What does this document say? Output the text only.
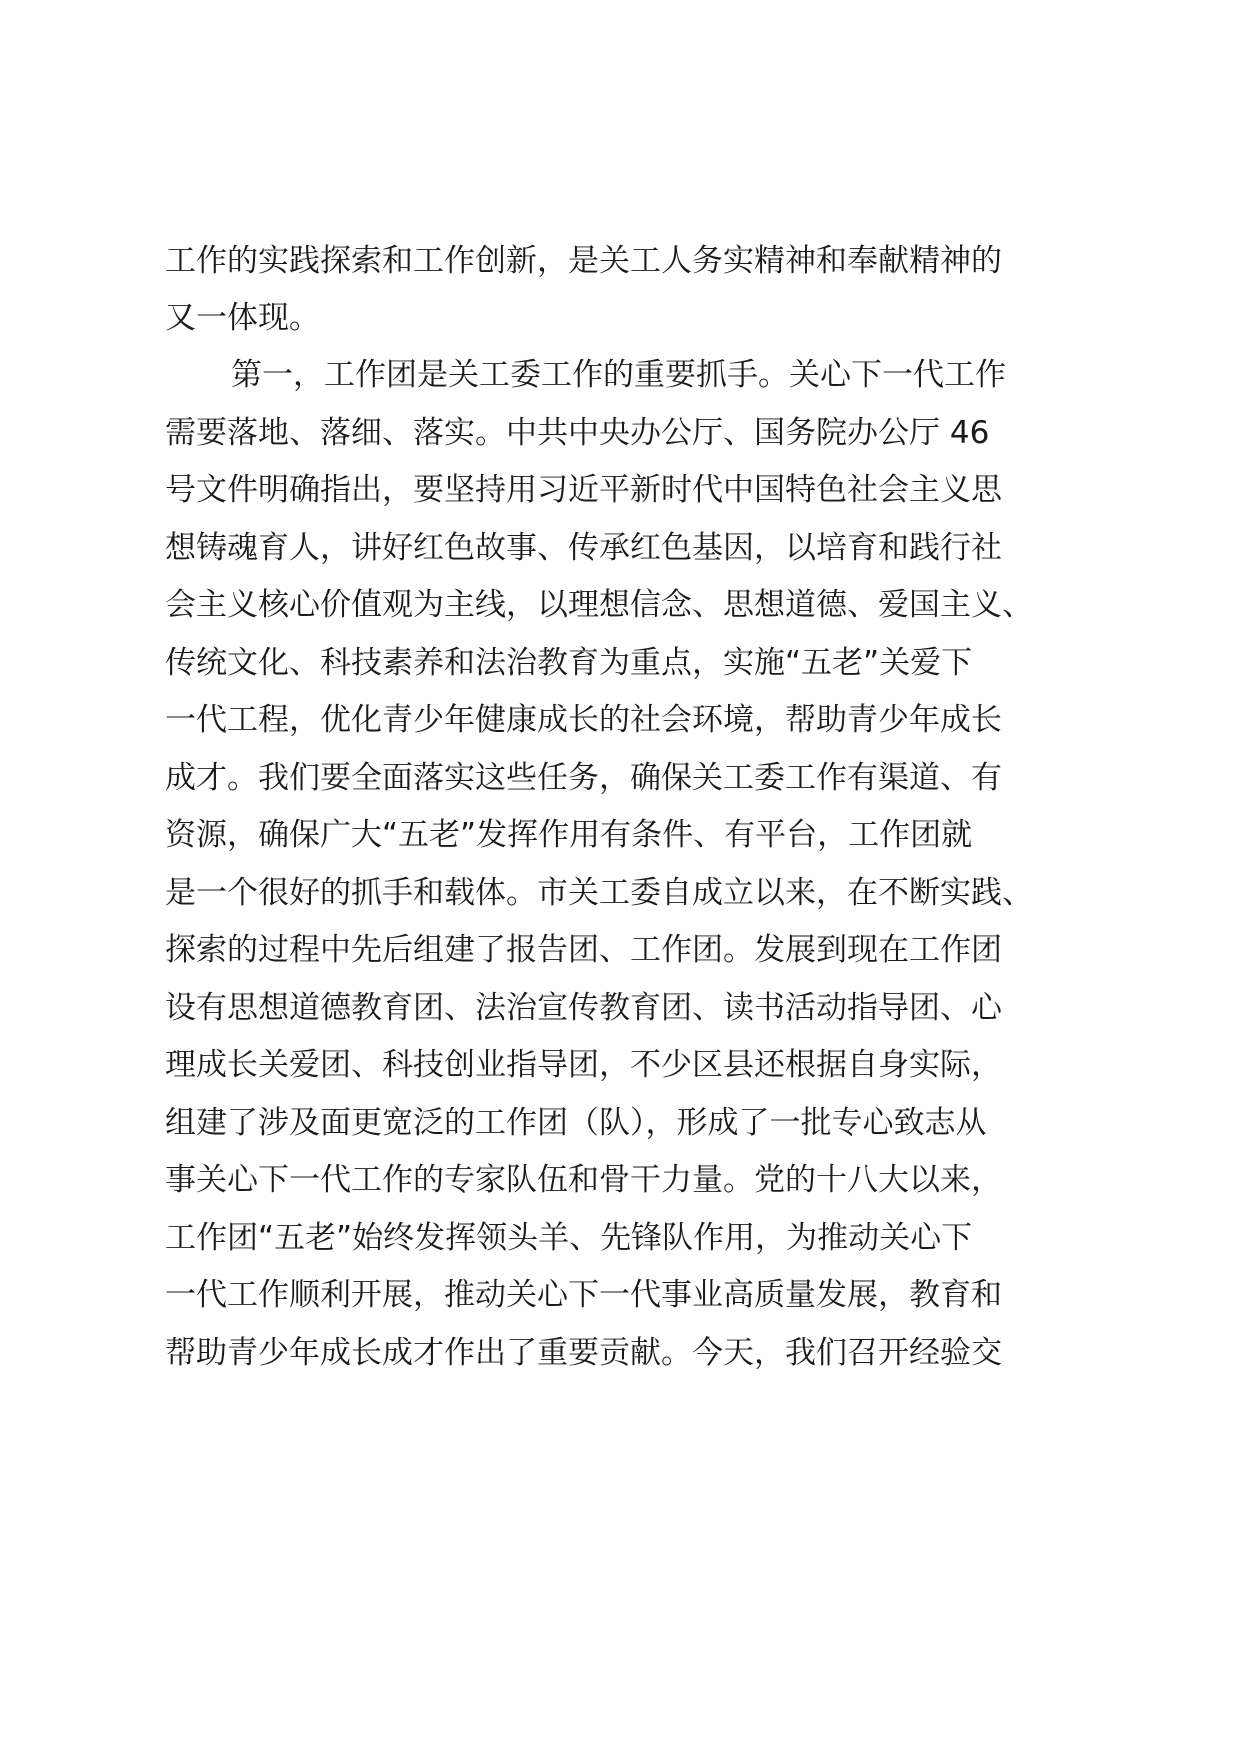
工作的实践探索和工作创新，是关工人务实精神和奉献精神的
又一体现。
第一，工作团是关工委工作的重要抓手。关心下一代工作
需要落地、落细、落实。中共中央办公厅、国务院办公厅 46
号文件明确指出，要坚持用习近平新时代中国特色社会主义思
想铸魂育人，讲好红色故事、传承红色基因，以培育和践行社
会主义核心价值观为主线，以理想信念、思想道德、爱国主义、
传统文化、科技素养和法治教育为重点，实施“五老”关爱下
一代工程，优化青少年健康成长的社会环境，帮助青少年成长
成才。我们要全面落实这些任务，确保关工委工作有渠道、有
资源，确保广大“五老”发挥作用有条件、有平台，工作团就
是一个很好的抓手和载体。市关工委自成立以来，在不断实践、
探索的过程中先后组建了报告团、工作团。发展到现在工作团
设有思想道德教育团、法治宣传教育团、读书活动指导团、心
理成长关爱团、科技创业指导团，不少区县还根据自身实际，
组建了涉及面更宽泛的工作团（队），形成了一批专心致志从
事关心下一代工作的专家队伍和骨干力量。党的十八大以来，
工作团“五老”始终发挥领头羊、先锋队作用，为推动关心下
一代工作顺利开展，推动关心下一代事业高质量发展，教育和
帮助青少年成长成才作出了重要贡献。今天，我们召开经验交
